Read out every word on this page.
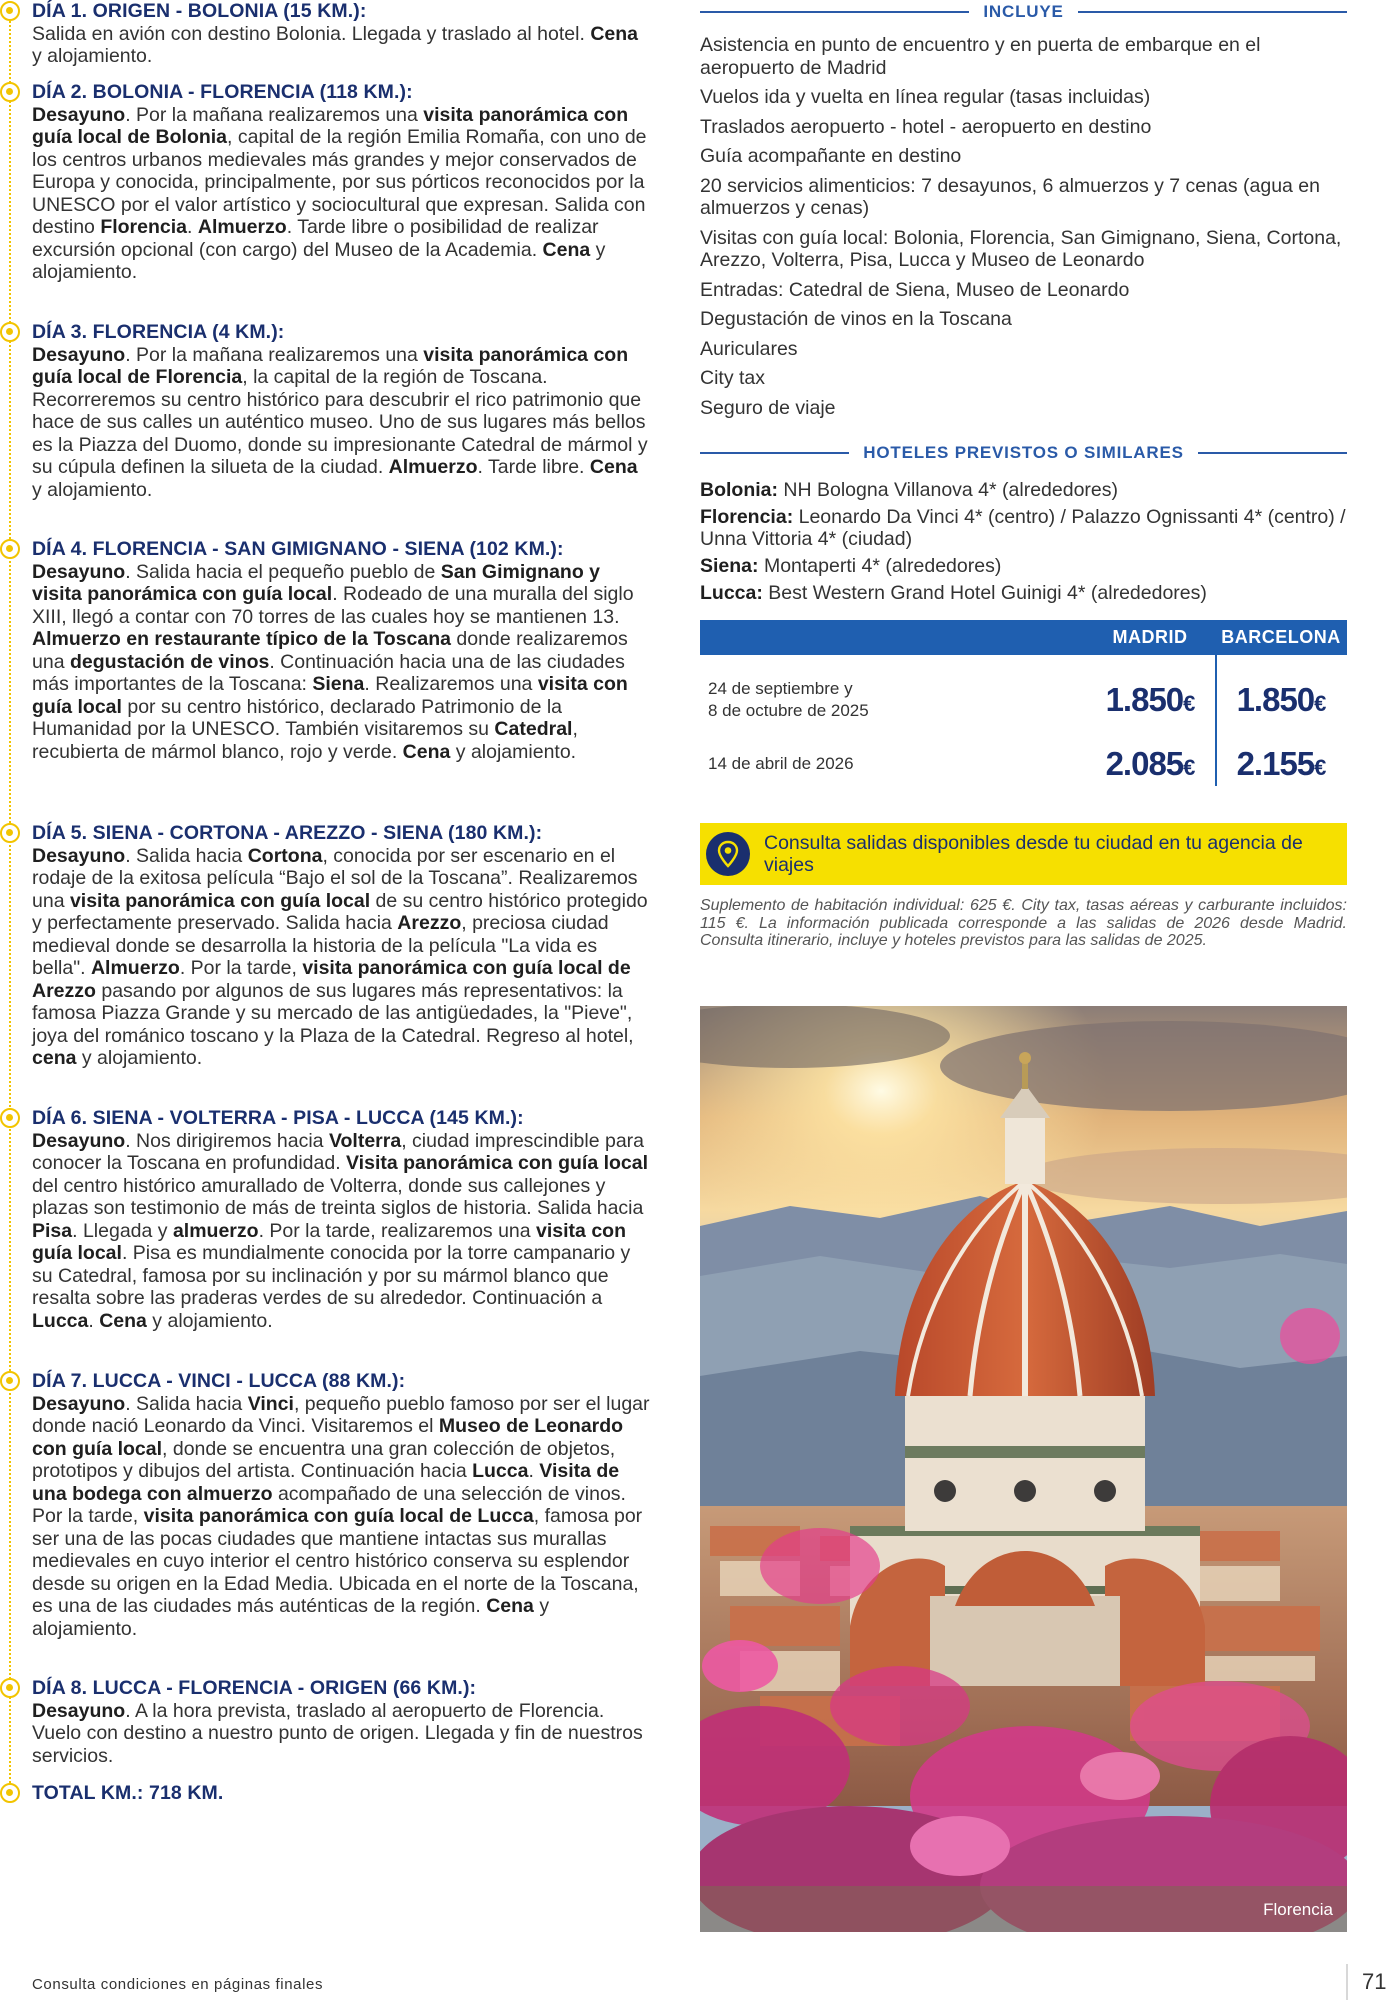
DÍA 1. ORIGEN - BOLONIA (15 KM.):
Salida en avión con destino Bolonia. Llegada y traslado al hotel. Cena y alojamiento.
DÍA 2. BOLONIA - FLORENCIA (118 KM.):
Desayuno. Por la mañana realizaremos una visita panorámica con guía local de Bolonia, capital de la región Emilia Romaña, con uno de los centros urbanos medievales más grandes y mejor conservados de Europa y conocida, principalmente, por sus pórticos reconocidos por la UNESCO por el valor artístico y sociocultural que expresan. Salida con destino Florencia. Almuerzo. Tarde libre o posibilidad de realizar excursión opcional (con cargo) del Museo de la Academia. Cena y alojamiento.
DÍA 3. FLORENCIA (4 KM.):
Desayuno. Por la mañana realizaremos una visita panorámica con guía local de Florencia, la capital de la región de Toscana. Recorreremos su centro histórico para descubrir el rico patrimonio que hace de sus calles un auténtico museo. Uno de sus lugares más bellos es la Piazza del Duomo, donde su impresionante Catedral de mármol y su cúpula definen la silueta de la ciudad. Almuerzo. Tarde libre. Cena y alojamiento.
DÍA 4. FLORENCIA - SAN GIMIGNANO - SIENA (102 KM.):
Desayuno. Salida hacia el pequeño pueblo de San Gimignano y visita panorámica con guía local. Rodeado de una muralla del siglo XIII, llegó a contar con 70 torres de las cuales hoy se mantienen 13. Almuerzo en restaurante típico de la Toscana donde realizaremos una degustación de vinos. Continuación hacia una de las ciudades más importantes de la Toscana: Siena. Realizaremos una visita con guía local por su centro histórico, declarado Patrimonio de la Humanidad por la UNESCO. También visitaremos su Catedral, recubierta de mármol blanco, rojo y verde. Cena y alojamiento.
DÍA 5. SIENA - CORTONA - AREZZO - SIENA (180 KM.):
Desayuno. Salida hacia Cortona, conocida por ser escenario en el rodaje de la exitosa película “Bajo el sol de la Toscana”. Realizaremos una visita panorámica con guía local de su centro histórico protegido y perfectamente preservado. Salida hacia Arezzo, preciosa ciudad medieval donde se desarrolla la historia de la película "La vida es bella". Almuerzo. Por la tarde, visita panorámica con guía local de Arezzo pasando por algunos de sus lugares más representativos: la famosa Piazza Grande y su mercado de las antigüedades, la "Pieve", joya del románico toscano y la Plaza de la Catedral. Regreso al hotel, cena y alojamiento.
DÍA 6. SIENA - VOLTERRA - PISA - LUCCA (145 KM.):
Desayuno. Nos dirigiremos hacia Volterra, ciudad imprescindible para conocer la Toscana en profundidad. Visita panorámica con guía local del centro histórico amurallado de Volterra, donde sus callejones y plazas son testimonio de más de treinta siglos de historia. Salida hacia Pisa. Llegada y almuerzo. Por la tarde, realizaremos una visita con guía local. Pisa es mundialmente conocida por la torre campanario y su Catedral, famosa por su inclinación y por su mármol blanco que resalta sobre las praderas verdes de su alrededor. Continuación a Lucca. Cena y alojamiento.
DÍA 7. LUCCA - VINCI - LUCCA (88 KM.):
Desayuno. Salida hacia Vinci, pequeño pueblo famoso por ser el lugar donde nació Leonardo da Vinci. Visitaremos el Museo de Leonardo con guía local, donde se encuentra una gran colección de objetos, prototipos y dibujos del artista. Continuación hacia Lucca. Visita de una bodega con almuerzo acompañado de una selección de vinos. Por la tarde, visita panorámica con guía local de Lucca, famosa por ser una de las pocas ciudades que mantiene intactas sus murallas medievales en cuyo interior el centro histórico conserva su esplendor desde su origen en la Edad Media. Ubicada en el norte de la Toscana, es una de las ciudades más auténticas de la región. Cena y alojamiento.
DÍA 8. LUCCA - FLORENCIA - ORIGEN (66 KM.):
Desayuno. A la hora prevista, traslado al aeropuerto de Florencia. Vuelo con destino a nuestro punto de origen. Llegada y fin de nuestros servicios.
TOTAL KM.: 718 KM.
INCLUYE
Asistencia en punto de encuentro y en puerta de embarque en el aeropuerto de Madrid
Vuelos ida y vuelta en línea regular (tasas incluidas)
Traslados aeropuerto - hotel - aeropuerto en destino
Guía acompañante en destino
20 servicios alimenticios: 7 desayunos, 6 almuerzos y 7 cenas (agua en almuerzos y cenas)
Visitas con guía local: Bolonia, Florencia, San Gimignano, Siena, Cortona, Arezzo, Volterra, Pisa, Lucca y Museo de Leonardo
Entradas: Catedral de Siena, Museo de Leonardo
Degustación de vinos en la Toscana
Auriculares
City tax
Seguro de viaje
HOTELES PREVISTOS O SIMILARES
Bolonia: NH Bologna Villanova 4* (alrededores)
Florencia: Leonardo Da Vinci 4* (centro) / Palazzo Ognissanti 4* (centro) / Unna Vittoria 4* (ciudad)
Siena: Montaperti 4* (alrededores)
Lucca: Best Western Grand Hotel Guinigi 4* (alrededores)
MADRID	BARCELONA
24 de septiembre y
8 de octubre de 2025	1.850€	1.850€
14 de abril de 2026	2.085€	2.155€
Consulta salidas disponibles desde tu ciudad en tu agencia de viajes
Suplemento de habitación individual: 625 €. City tax, tasas aéreas y carburante incluidos: 115 €. La información publicada corresponde a las salidas de 2026 desde Madrid. Consulta itinerario, incluye y hoteles previstos para las salidas de 2025.
Florencia
Consulta condiciones en páginas finales	71
